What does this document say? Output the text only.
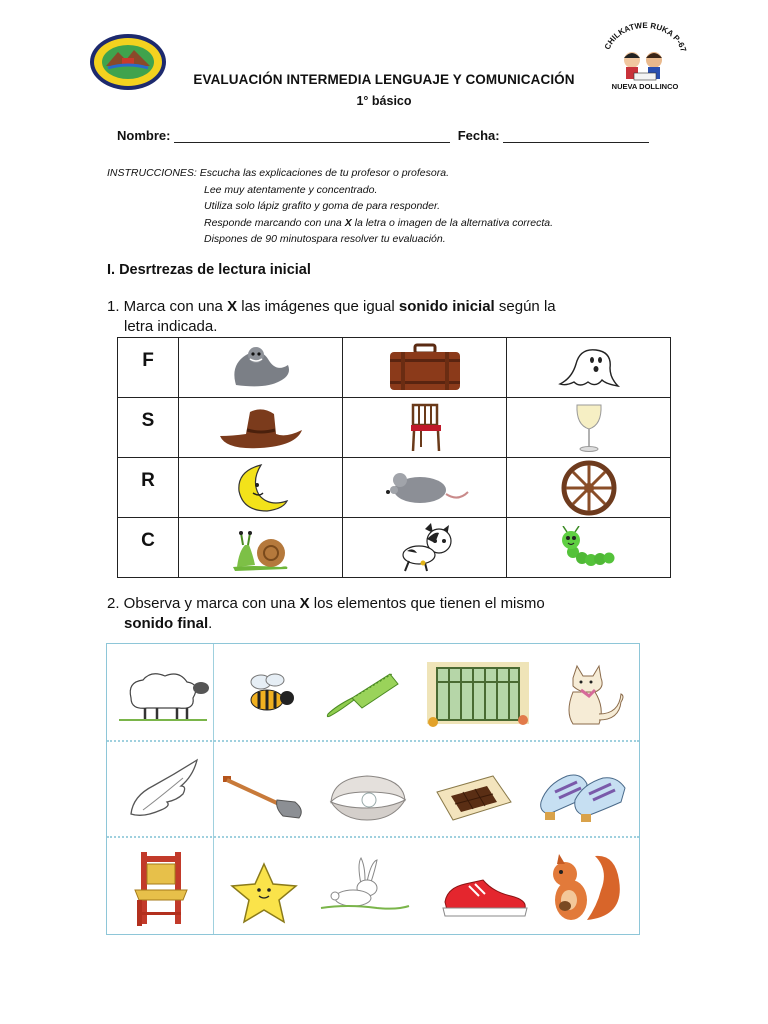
CHILKATWE RUKA P-67
NUEVA DOLLINCO
EVALUACIÓN INTERMEDIA LENGUAJE Y COMUNICACIÓN
1° básico
Nombre:	Fecha:
INSTRUCCIONES: Escucha las explicaciones de tu profesor o profesora.
Lee muy atentamente y concentrado.
Utiliza solo lápiz grafito y goma de para responder.
Responde marcando con una X la letra o imagen de la alternativa correcta.
Dispones de 90 minutospara resolver tu evaluación.
I. Desrtrezas de lectura inicial
1. Marca con una X las imágenes que igual sonido inicial según la
letra indicada.
F	

S	

R	

C	

2. Observa y marca con una X los elementos que tienen el mismo
sonido final.
